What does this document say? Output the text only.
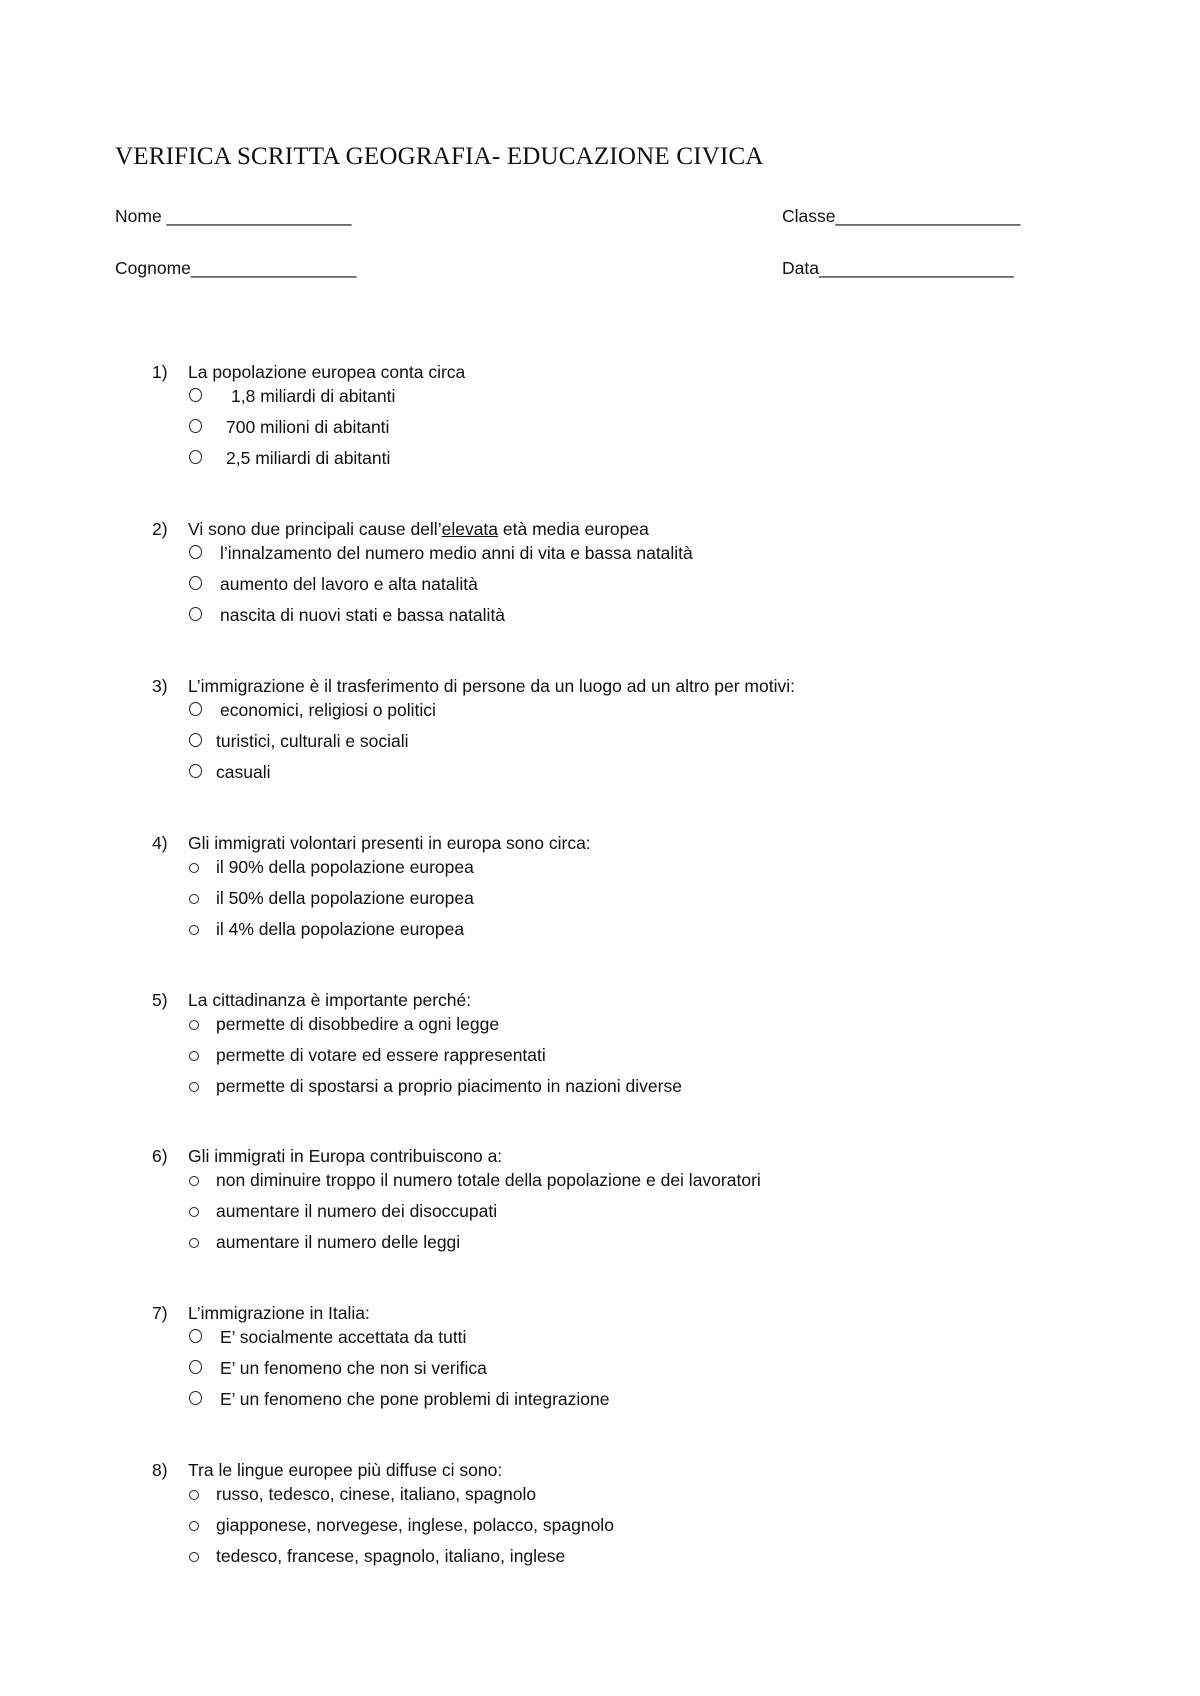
VERIFICA SCRITTA GEOGRAFIA- EDUCAZIONE CIVICA
Nome ___________________	Classe___________________
Cognome_________________	Data____________________
1) La popolazione europea conta circa
1,8 miliardi di abitanti
700 milioni di abitanti
2,5 miliardi di abitanti
2) Vi sono due principali cause dell’elevata età media europea
l’innalzamento del numero medio anni di vita e bassa natalità
aumento del lavoro e alta natalità
nascita di nuovi stati e bassa natalità
3) L’immigrazione è il trasferimento di persone da un luogo ad un altro per motivi:
economici, religiosi o politici
turistici, culturali e sociali
casuali
4) Gli immigrati volontari presenti in europa sono circa:
il 90% della popolazione europea
il 50% della popolazione europea
il 4% della popolazione europea
5) La cittadinanza è importante perché:
permette di disobbedire a ogni legge
permette di votare ed essere rappresentati
permette di spostarsi a proprio piacimento in nazioni diverse
6) Gli immigrati in Europa contribuiscono a:
non diminuire troppo il numero totale della popolazione e dei lavoratori
aumentare il numero dei disoccupati
aumentare il numero delle leggi
7) L’immigrazione in Italia:
E’ socialmente accettata da tutti
E’ un fenomeno che non si verifica
E’ un fenomeno che pone problemi di integrazione
8) Tra le lingue europee più diffuse ci sono:
russo, tedesco, cinese, italiano, spagnolo
giapponese, norvegese, inglese, polacco, spagnolo
tedesco, francese, spagnolo, italiano, inglese
